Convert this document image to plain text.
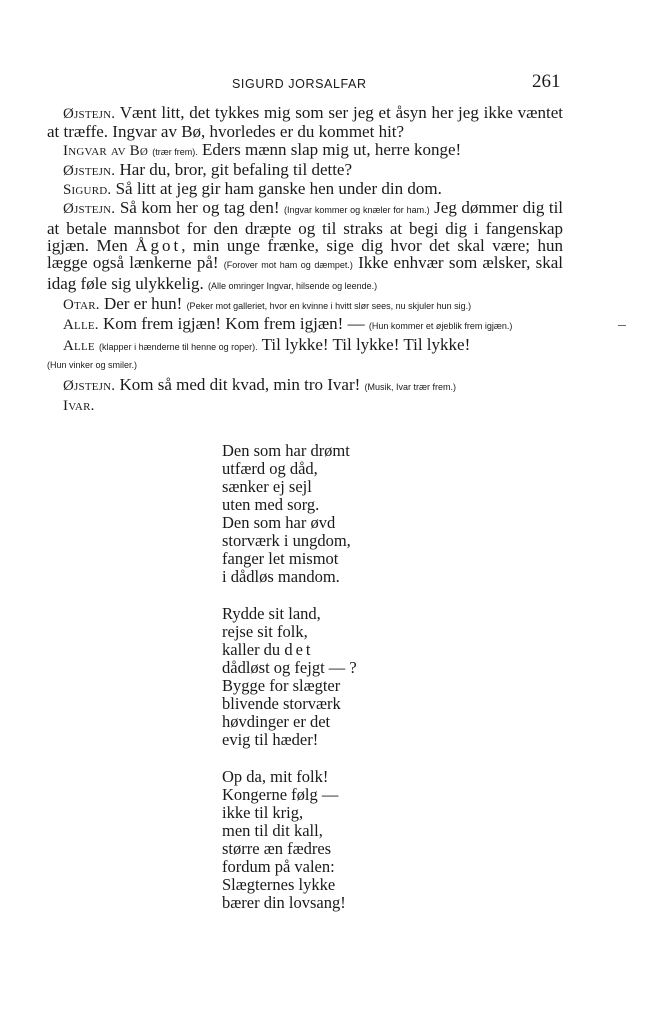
SIGURD JORSALFAR	261

Øjstejn. Vænt litt, det tykkes mig som ser jeg et åsyn her jeg ikke væntet at træffe. Ingvar av Bø, hvorledes er du kommet hit?

Ingvar av Bø (trær frem). Eders mænn slap mig ut, herre konge!

Øjstejn. Har du, bror, git befaling til dette?

Sigurd. Så litt at jeg gir ham ganske hen under din dom.

Øjstejn. Så kom her og tag den! (Ingvar kommer og knæler for ham.) Jeg dømmer dig til at betale mannsbot for den dræpte og til straks at begi dig i fangenskap igjæn. Men Ågot, min unge frænke, sige dig hvor det skal være; hun lægge også lænkerne på! (Forover mot ham og dæmpet.) Ikke enhvær som ælsker, skal idag føle sig ulykkelig. (Alle omringer Ingvar, hilsende og leende.)

Otar. Der er hun! (Peker mot galleriet, hvor en kvinne i hvitt slør sees, nu skjuler hun sig.)

Alle. Kom frem igjæn! Kom frem igjæn! — (Hun kommer et øjeblik frem igjæn.)

Alle (klapper i hænderne til henne og roper). Til lykke! Til lykke! Til lykke!

(Hun vinker og smiler.)

Øjstejn. Kom så med dit kvad, min tro Ivar! (Musik, Ivar trær frem.)

Ivar.

Den som har drømt
utfærd og dåd,
sænker ej sejl
uten med sorg.
Den som har øvd
storværk i ungdom,
fanger let mismot
i dådløs mandom.
Rydde sit land,
rejse sit folk,
kaller du det
dådløst og fejgt — ?
Bygge for slægter
blivende storværk
høvdinger er det
evig til hæder!
Op da, mit folk!
Kongerne følg —
ikke til krig,
men til dit kall,
større æn fædres
fordum på valen:
Slægternes lykke
bærer din lovsang!
